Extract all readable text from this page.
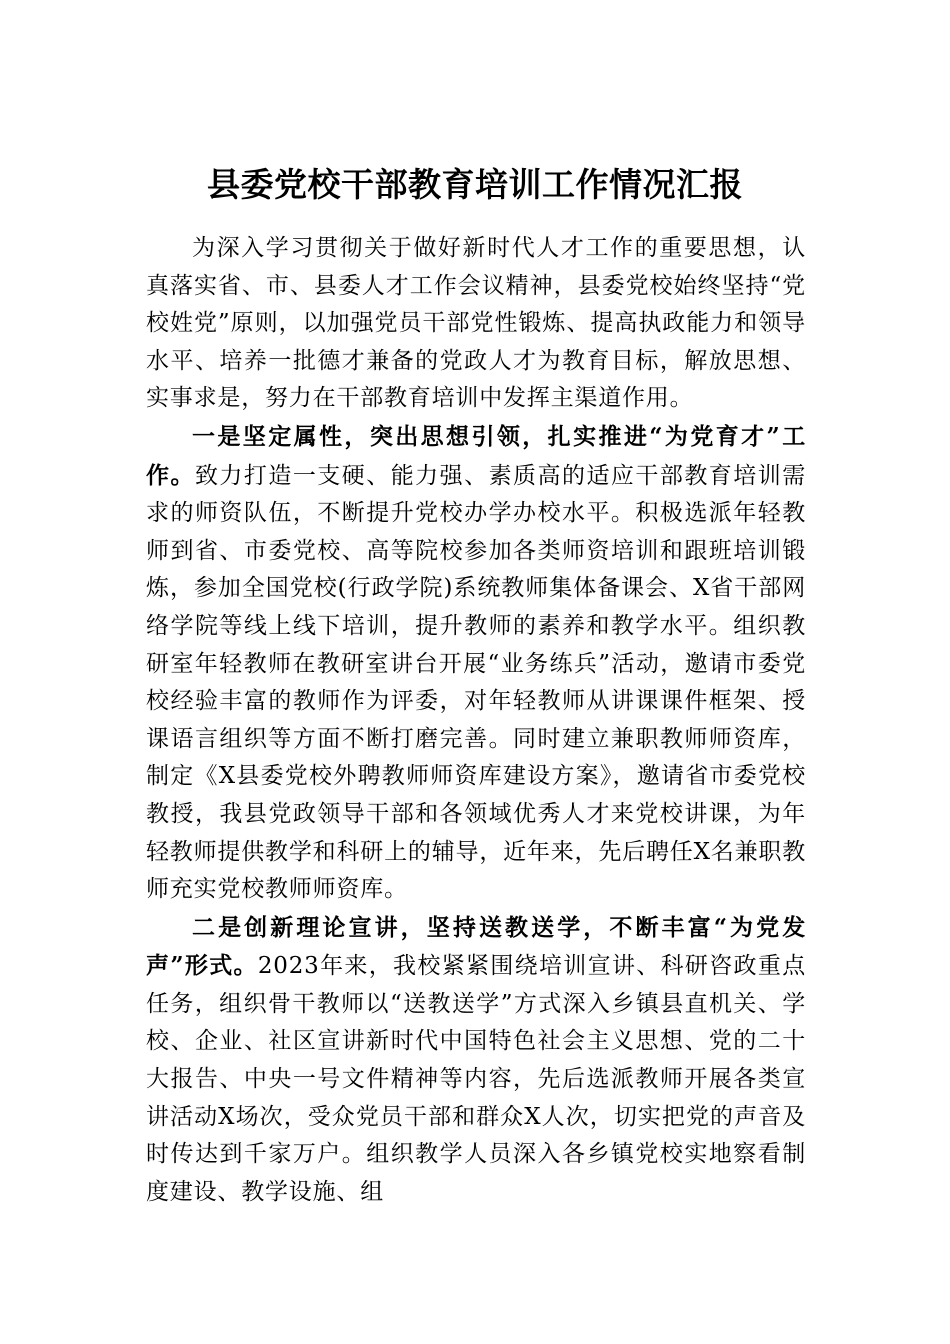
县委党校干部教育培训工作情况汇报

为深入学习贯彻关于做好新时代人才工作的重要思想，认真落实省、市、县委人才工作会议精神，县委党校始终坚持“党校姓党”原则，以加强党员干部党性锻炼、提高执政能力和领导水平、培养一批德才兼备的党政人才为教育目标，解放思想、实事求是，努力在干部教育培训中发挥主渠道作用。

一是坚定属性，突出思想引领，扎实推进“为党育才”工作。致力打造一支硬、能力强、素质高的适应干部教育培训需求的师资队伍，不断提升党校办学办校水平。积极选派年轻教师到省、市委党校、高等院校参加各类师资培训和跟班培训锻炼，参加全国党校(行政学院)系统教师集体备课会、X省干部网络学院等线上线下培训，提升教师的素养和教学水平。组织教研室年轻教师在教研室讲台开展“业务练兵”活动，邀请市委党校经验丰富的教师作为评委，对年轻教师从讲课课件框架、授课语言组织等方面不断打磨完善。同时建立兼职教师师资库，制定《X县委党校外聘教师师资库建设方案》，邀请省市委党校教授，我县党政领导干部和各领域优秀人才来党校讲课，为年轻教师提供教学和科研上的辅导，近年来，先后聘任X名兼职教师充实党校教师师资库。

二是创新理论宣讲，坚持送教送学，不断丰富“为党发声”形式。2023年来，我校紧紧围绕培训宣讲、科研咨政重点任务，组织骨干教师以“送教送学”方式深入乡镇县直机关、学校、企业、社区宣讲新时代中国特色社会主义思想、党的二十大报告、中央一号文件精神等内容，先后选派教师开展各类宣讲活动X场次，受众党员干部和群众X人次，切实把党的声音及时传达到千家万户。组织教学人员深入各乡镇党校实地察看制度建设、教学设施、组
